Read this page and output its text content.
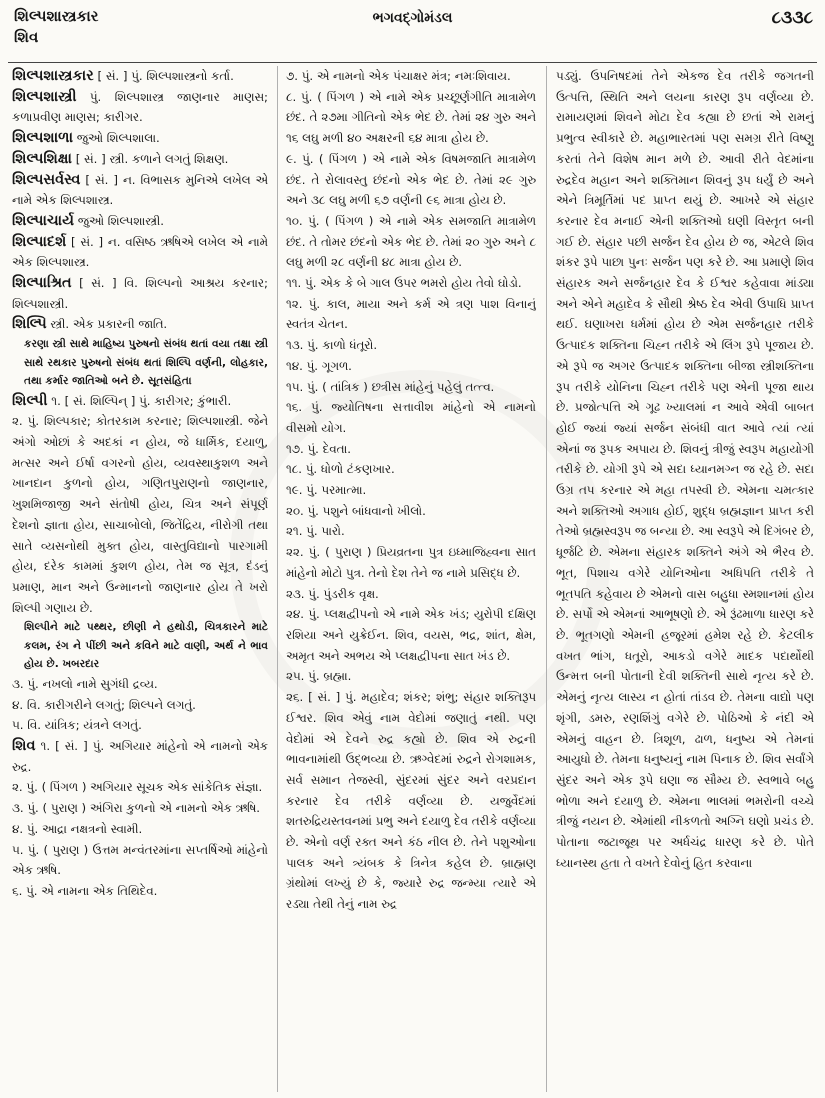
શિલ્પશાસ્ત્રકાર
શિવ
ભગવદ્ગોમંડલ	૮૩૩૮

શિલ્પશાસ્ત્રકાર [ સં. ] પું. શિલ્પશાસ્ત્રનો કર્તા.

શિલ્પશાસ્ત્રી પું. શિલ્પશાસ્ત્ર જાણનાર માણસ; કળાપ્રવીણ માણસ; કારીગર.

શિલ્પશાળા જુઓ શિલ્પશાલા.

શિલ્પશિક્ષા [ સં. ] સ્ત્રી. કળાને લગતું શિક્ષણ.

શિલ્પસર્વસ્વ [ સં. ] ન. વિભાસક મુનિએ લખેલ એ નામે એક શિલ્પશાસ્ત્ર.

શિલ્પાચાર્ય જુઓ શિલ્પશાસ્ત્રી.

શિલ્પાદર્શ [ સં. ] ન. વસિષ્ઠ ઋષિએ લખેલ એ નામે એક શિલ્પશાસ્ત્ર.

શિલ્પાશ્રિત [ સં. ] વિ. શિલ્પનો આશ્રય કરનાર; શિલ્પશાસ્ત્રી.

શિલ્પિ સ્ત્રી. એક પ્રકારની જાતિ.

કરણા સ્ત્રી સાથે માહિષ્ય પુરુષનો સંબંધ થતાં વયા તક્ષા સ્ત્રી સાથે રથકાર પુરુષનો સંબંધ થતાં શિલ્પિ વર્ણની, લોહકાર, તથા કર્માર જાતિઓ બને છે. સૂતસંહિતા

શિલ્પી ૧. [ સં. શિલ્પિન્ ] પું. કારીગર; કુંભારી.

૨. પું. શિલ્પકાર; કોતરકામ કરનાર; શિલ્પશાસ્ત્રી. જેને અંગો ઓછાં કે અદકાં ન હોય, જે ધાર્મિક, દયાળુ, મત્સર અને ઈર્ષા વગરનો હોય, વ્યવસ્થાકુશળ અને ખાનદાન કુળનો હોય, ગણિતપુરાણનો જાણનાર, ખુશમિજાજી અને સંતોષી હોય, ચિત્ર અને સંપૂર્ણ દેશનો જ્ઞાતા હોય, સાચાબોલો, જિતેંદ્રિય, નીરોગી તથા સાતે વ્યસનોથી મુક્ત હોય, વાસ્તુવિદ્યાનો પારગામી હોય, દરેક કામમાં કુશળ હોય, તેમ જ સૂત્ર, દંડનું પ્રમાણ, માન અને ઉન્માનનો જાણનાર હોય તે ખરો શિલ્પી ગણાય છે.

શિલ્પીને માટે પથ્થર, છીણી ને હથોડી, ચિત્રકારને માટે કલમ, રંગ ને પીંછી અને કવિને માટે વાણી, અર્થ ને ભાવ હોય છે. ખબરદાર

૩. પું. નખલો નામે સુગંધી દ્રવ્ય.

૪. વિ. કારીગરીને લગતું; શિલ્પને લગતું.

૫. વિ. યાંત્રિક; યંત્રને લગતું.

શિવ ૧. [ સં. ] પું. અગિયાર માંહેનો એ નામનો એક રુદ્ર.

૨. પું. ( પિંગળ ) અગિયાર સૂચક એક સાંકેતિક સંજ્ઞા.

૩. પું. ( પુરાણ ) અંગિરા કુળનો એ નામનો એક ઋષિ.

૪. પું. આદ્રા નક્ષત્રનો સ્વામી.

૫. પું. ( પુરાણ ) ઉત્તમ મન્વંતરમાંના સપ્તર્ષિઓ માંહેનો એક ઋષિ.

૬. પું. એ નામના એક તિથિદેવ.

૭. પું. એ નામનો એક પંચાક્ષર મંત્ર; નમઃશિવાય.

૮. પું. ( પિંગળ ) એ નામે એક પ્રચ્છૂર્ણગીતિ માત્રામેળ છંદ. તે ૨૭મા ગીતિનો એક ભેદ છે. તેમાં ૨૪ ગુરુ અને ૧૬ લઘુ મળી ૪૦ અક્ષરની ૬૪ માત્રા હોય છે.

૯. પું. ( પિંગળ ) એ નામે એક વિષમજાતિ માત્રામેળ છંદ. તે રોલાવસ્તુ છંદનો એક ભેદ છે. તેમાં ૨૯ ગુરુ અને ૩૮ લઘુ મળી ૬૭ વર્ણની ૯૬ માત્રા હોય છે.

૧૦. પું. ( પિંગળ ) એ નામે એક સમજાતિ માત્રામેળ છંદ. તે તોમર છંદનો એક ભેદ છે. તેમાં ૨૦ ગુરુ અને ૮ લઘુ મળી ૨૮ વર્ણની ૪૮ માત્રા હોય છે.

૧૧. પું. એક કે બે ગાલ ઉપર ભમરો હોય તેવો ઘોડો.

૧૨. પું. કાલ, માયા અને કર્મ એ ત્રણ પાશ વિનાનું સ્વતંત્ર ચેતન.

૧૩. પું. કાળો ધંતૂરો.

૧૪. પું. ગૂગળ.

૧૫. પું. ( તાંત્રિક ) છત્રીસ માંહેનું પહેલું તત્ત્વ.

૧૬. પું. જ્યોતિષના સત્તાવીશ માંહેનો એ નામનો વીસમો યોગ.

૧૭. પું. દેવતા.

૧૮. પું. ધોળો ટંકણખાર.

૧૯. પું. પરમાત્મા.

૨૦. પું. પશુને બાંધવાનો ખીલો.

૨૧. પું. પારો.

૨૨. પું. ( પુરાણ ) પ્રિયવ્રતના પુત્ર ઇધ્માજિહ્વના સાત માંહેનો મોટો પુત્ર. તેનો દેશ તેને જ નામે પ્રસિદ્ધ છે.

૨૩. પું. પુંડરીક વૃક્ષ.

૨૪. પું. પ્લક્ષદ્વીપનો એ નામે એક ખંડ; યુરોપી દક્ષિણ રશિયા અને યુક્રેઈન. શિવ, વયસ, ભદ્ર, શાંત, ક્ષેમ, અમૃત અને અભય એ પ્લક્ષદ્વીપના સાત ખંડ છે.

૨૫. પું. બ્રહ્મા.

૨૬. [ સં. ] પું. મહાદેવ; શંકર; શંભુ; સંહાર શક્તિરૂપ ઈશ્વર. શિવ એવું નામ વેદોમાં જણાતું નથી. પણ વેદોમાં એ દેવને રુદ્ર કહ્યો છે. શિવ એ રુદ્રની ભાવનામાંથી ઉદ્ભવ્યા છે. ઋગ્વેદમાં રુદ્રને રોગશામક, સર્વ સમાન તેજસ્વી, સુંદરમાં સુંદર અને વરપ્રદાન કરનાર દેવ તરીકે વર્ણવ્યા છે. યજુર્વેદમાં શતરુદ્રિયસ્તવનમાં પ્રભુ અને દયાળુ દેવ તરીકે વર્ણવ્યા છે. એનો વર્ણ રક્ત અને કંઠ નીલ છે. તેને પશુઓના પાલક અને ત્ર્યંબક કે ત્રિનેત્ર કહેલ છે. બ્રાહ્મણ ગ્રંથોમાં લખ્યું છે કે, જ્યારે રુદ્ર જન્મ્યા ત્યારે એ રડ્યા તેથી તેનું નામ રુદ્ર

પડ્યું. ઉપનિષદમાં તેને એકજ દેવ તરીકે જગતની ઉત્પત્તિ, સ્થિતિ અને લયના કારણ રૂપ વર્ણવ્યા છે. રામાયણમાં શિવને મોટા દેવ કહ્યા છે છતાં એ રામનું પ્રભુત્વ સ્વીકારે છે. મહાભારતમાં પણ સમગ્ર રીતે વિષ્ણુ કરતાં તેને વિશેષ માન મળે છે. આવી રીતે વેદમાંના રુદ્રદેવ મહાન અને શક્તિમાન શિવનું રૂપ ધર્યું છે અને એને ત્રિમૂર્તિમાં પદ પ્રાપ્ત થયું છે. આખરે એ સંહાર કરનાર દેવ મનાઈ એની શક્તિઓ ઘણી વિસ્તૃત બની ગઈ છે. સંહાર પછી સર્જન દેવ હોય છે જ, એટલે શિવ શંકર રૂપે પાછા પુનઃ સર્જન પણ કરે છે. આ પ્રમાણે શિવ સંહારક અને સર્જનહાર દેવ કે ઈશ્વર કહેવાવા માંડ્યા અને એને મહાદેવ કે સૌથી શ્રેષ્ઠ દેવ એવી ઉપાધિ પ્રાપ્ત થઈ. ઘણાખરા ધર્મમાં હોય છે એમ સર્જનહાર તરીકે ઉત્પાદક શક્તિના ચિહ્ન તરીકે એ લિંગ રૂપે પૂજાય છે. એ રૂપે જ અગર ઉત્પાદક શક્તિના બીજા સ્ત્રીશક્તિના રૂપ તરીકે યોનિના ચિહ્ન તરીકે પણ એની પૂજા થાય છે. પ્રજોત્પત્તિ એ ગૂઢ ખ્યાલમાં ન આવે એવી બાબત હોઈ જ્યાં જ્યાં સર્જન સંબંધી વાત આવે ત્યાં ત્યાં એનાં જ રૂપક અપાય છે. શિવનું ત્રીજું સ્વરૂપ મહાયોગી તરીકે છે. યોગી રૂપે એ સદા ધ્યાનમગ્ન જ રહે છે. સદા ઉગ્ર તપ કરનાર એ મહા તપસ્વી છે. એમના ચમત્કાર અને શક્તિઓ અગાધ હોઈ, શુદ્ધ બ્રહ્મજ્ઞાન પ્રાપ્ત કરી તેઓ બ્રહ્મસ્વરૂપ જ બન્યા છે. આ સ્વરૂપે એ દિગંબર છે, ધૂર્જટિ છે. એમના સંહારક શક્તિને અંગે એ ભૈરવ છે. ભૂત, પિશાચ વગેરે યોનિઓના અધિપતિ તરીકે તે ભૂતપતિ કહેવાય છે એમનો વાસ બહુધા સ્મશાનમાં હોય છે. સર્પો એ એમનાં આભૂષણો છે. એ રૂંઢમાળા ધારણ કરે છે. ભૂતગણો એમની હજૂરમાં હમેશ રહે છે. કેટલીક વખત ભાંગ, ધતૂરો, આકડો વગેરે માદક પદાર્થોથી ઉન્મત્ત બની પોતાની દેવી શક્તિની સાથે નૃત્ય કરે છે. એમનું નૃત્ય લાસ્ય ન હોતાં તાંડવ છે. તેમના વાદ્યો પણ શૃંગી, ડમરુ, રણશિંગું વગેરે છે. પોઠિઓ કે નંદી એ એમનું વાહન છે. ત્રિશૂળ, ઢાળ, ધનુષ્ય એ તેમનાં આયુધો છે. તેમના ધનુષ્યનું નામ પિનાક છે. શિવ સર્વાંગે સુંદર અને એક રૂપે ઘણા જ સૌમ્ય છે. સ્વભાવે બહુ ભોળા અને દયાળુ છે. એમના ભાલમાં ભમરોની વચ્ચે ત્રીજું નયન છે. એમાંથી નીકળતો અગ્નિ ઘણો પ્રચંડ છે. પોતાના જટાજૂથ પર અર્ધચંદ્ર ધારણ કરે છે. પોતે ધ્યાનસ્થ હતા તે વખતે દેવોનું હિત કરવાના
